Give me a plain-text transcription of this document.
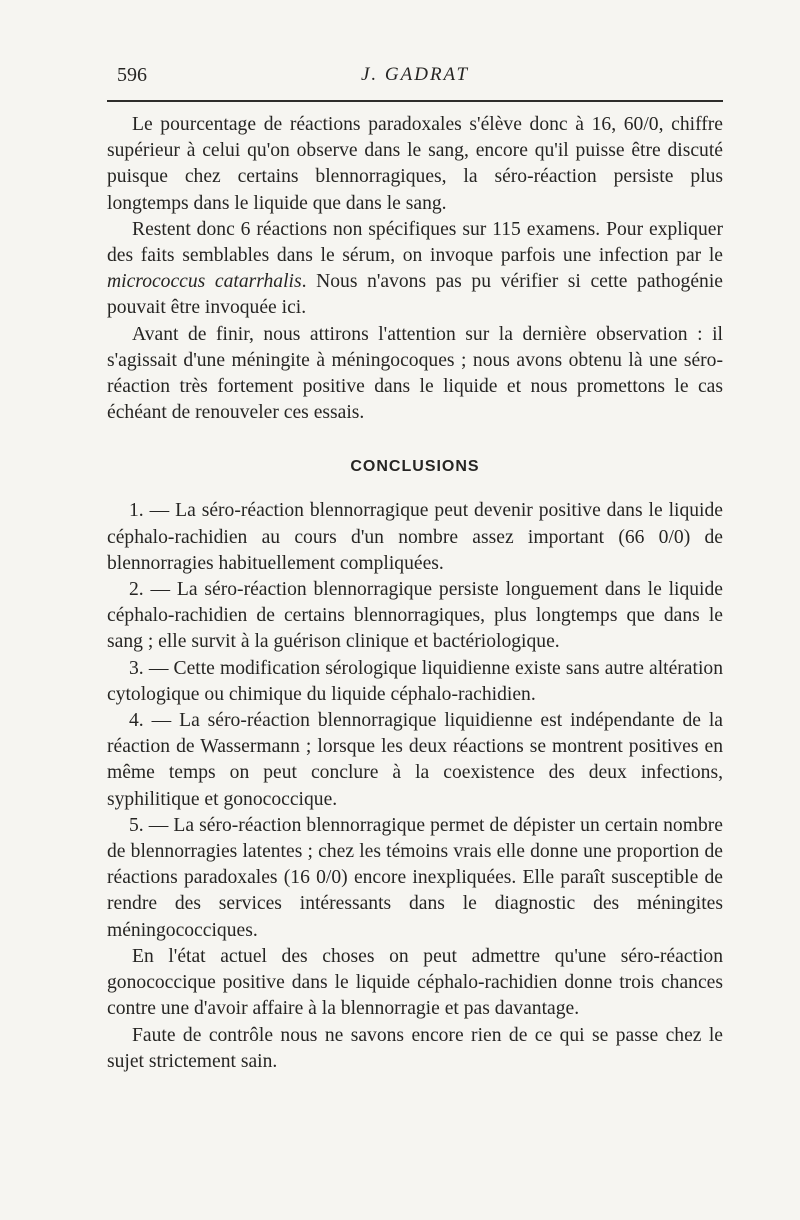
596	J. GADRAT

Le pourcentage de réactions paradoxales s'élève donc à 16, 60/0, chiffre supérieur à celui qu'on observe dans le sang, encore qu'il puisse être discuté puisque chez certains blennorragiques, la séro-réaction persiste plus longtemps dans le liquide que dans le sang.

Restent donc 6 réactions non spécifiques sur 115 examens. Pour expliquer des faits semblables dans le sérum, on invoque parfois une infection par le micrococcus catarrhalis. Nous n'avons pas pu vérifier si cette pathogénie pouvait être invoquée ici.

Avant de finir, nous attirons l'attention sur la dernière observation : il s'agissait d'une méningite à méningocoques ; nous avons obtenu là une séro-réaction très fortement positive dans le liquide et nous promettons le cas échéant de renouveler ces essais.

CONCLUSIONS

1. — La séro-réaction blennorragique peut devenir positive dans le liquide céphalo-rachidien au cours d'un nombre assez important (66 0/0) de blennorragies habituellement compliquées.

2. — La séro-réaction blennorragique persiste longuement dans le liquide céphalo-rachidien de certains blennorragiques, plus longtemps que dans le sang ; elle survit à la guérison clinique et bactériologique.

3. — Cette modification sérologique liquidienne existe sans autre altération cytologique ou chimique du liquide céphalo-rachidien.

4. — La séro-réaction blennorragique liquidienne est indépendante de la réaction de Wassermann ; lorsque les deux réactions se montrent positives en même temps on peut conclure à la coexistence des deux infections, syphilitique et gonococcique.

5. — La séro-réaction blennorragique permet de dépister un certain nombre de blennorragies latentes ; chez les témoins vrais elle donne une proportion de réactions paradoxales (16 0/0) encore inexpliquées. Elle paraît susceptible de rendre des services intéressants dans le diagnostic des méningites méningococciques.

En l'état actuel des choses on peut admettre qu'une séro-réaction gonococcique positive dans le liquide céphalo-rachidien donne trois chances contre une d'avoir affaire à la blennorragie et pas davantage.

Faute de contrôle nous ne savons encore rien de ce qui se passe chez le sujet strictement sain.
